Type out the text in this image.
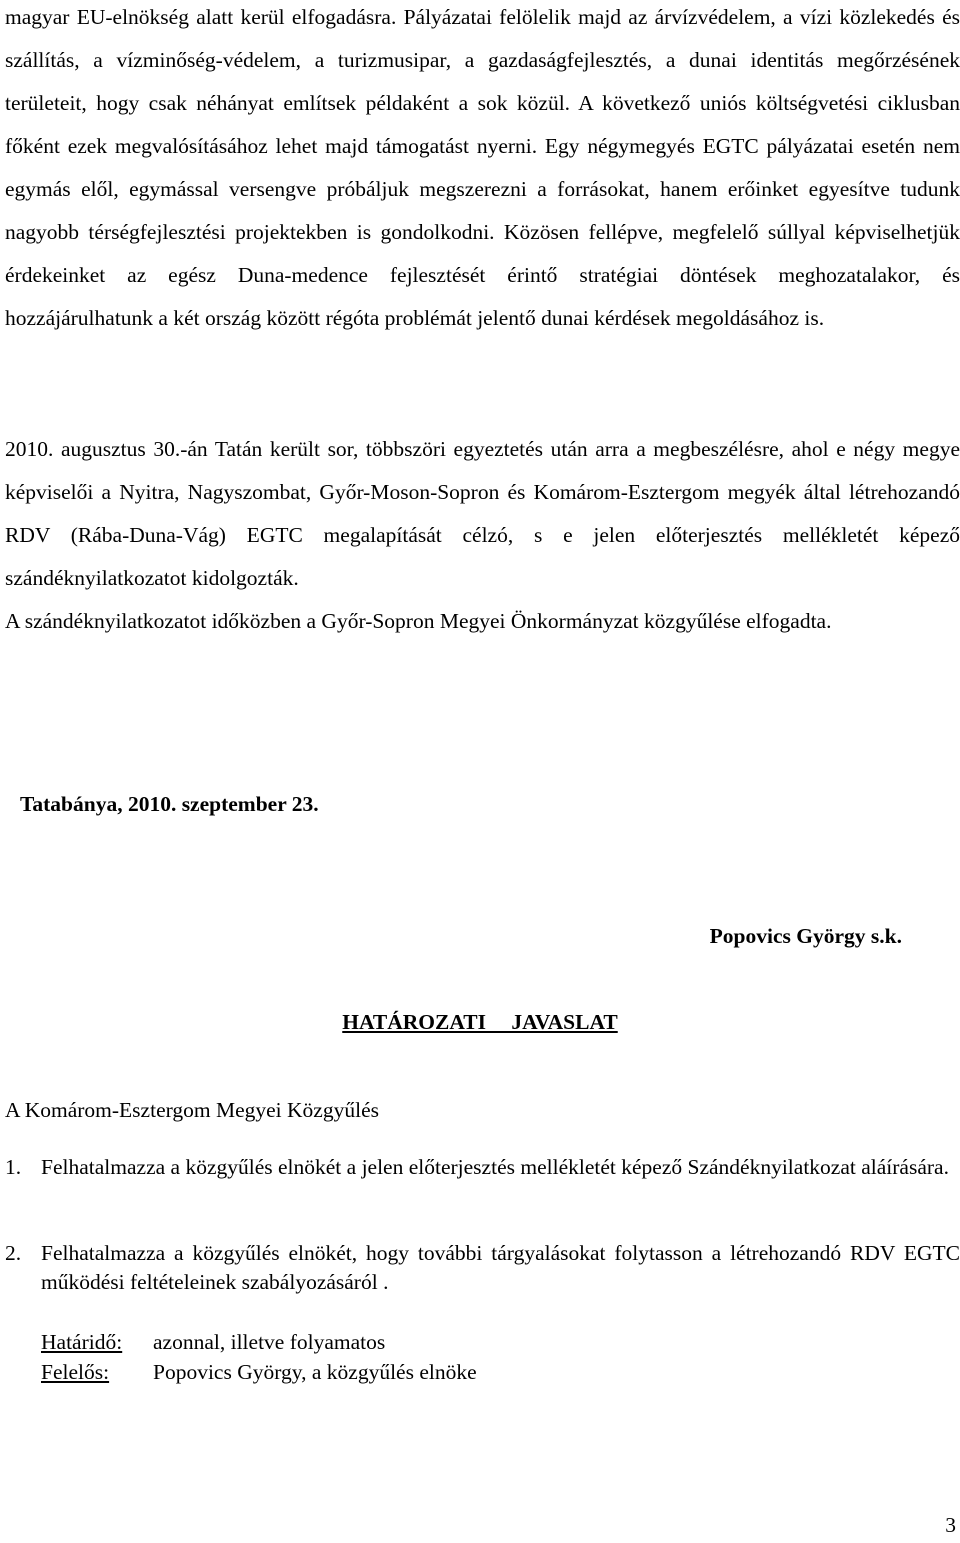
magyar EU-elnökség alatt kerül elfogadásra. Pályázatai felölelik majd az árvízvédelem, a vízi közlekedés és szállítás, a vízminőség-védelem, a turizmusipar, a gazdaságfejlesztés, a dunai identitás megőrzésének területeit, hogy csak néhányat említsek példaként a sok közül. A következő uniós költségvetési ciklusban főként ezek megvalósításához lehet majd támogatást nyerni. Egy négymegyés EGTC pályázatai esetén nem egymás elől, egymással versengve próbáljuk megszerezni a forrásokat, hanem erőinket egyesítve tudunk nagyobb térségfejlesztési projektekben is gondolkodni. Közösen fellépve, megfelelő súllyal képviselhetjük érdekeinket az egész Duna-medence fejlesztését érintő stratégiai döntések meghozatalakor, és hozzájárulhatunk a két ország között régóta problémát jelentő dunai kérdések megoldásához is.

2010. augusztus 30.-án Tatán került sor, többszöri egyeztetés után arra a megbeszélésre, ahol e négy megye képviselői a Nyitra, Nagyszombat, Győr-Moson-Sopron és Komárom-Esztergom megyék által létrehozandó RDV (Rába-Duna-Vág) EGTC megalapítását célzó, s e jelen előterjesztés mellékletét képező szándéknyilatkozatot kidolgozták.

A szándéknyilatkozatot időközben a Győr-Sopron Megyei Önkormányzat közgyűlése elfogadta.

Tatabánya, 2010. szeptember 23.

Popovics György s.k.

HATÁROZATI JAVASLAT

A Komárom-Esztergom Megyei Közgyűlés

1. Felhatalmazza a közgyűlés elnökét a jelen előterjesztés mellékletét képező Szándéknyilatkozat aláírására.
2. Felhatalmazza a közgyűlés elnökét, hogy további tárgyalásokat folytasson a létrehozandó RDV EGTC működési feltételeinek szabályozásáról .

Határidő: azonnal, illetve folyamatos

Felelős: Popovics György, a közgyűlés elnöke

3
